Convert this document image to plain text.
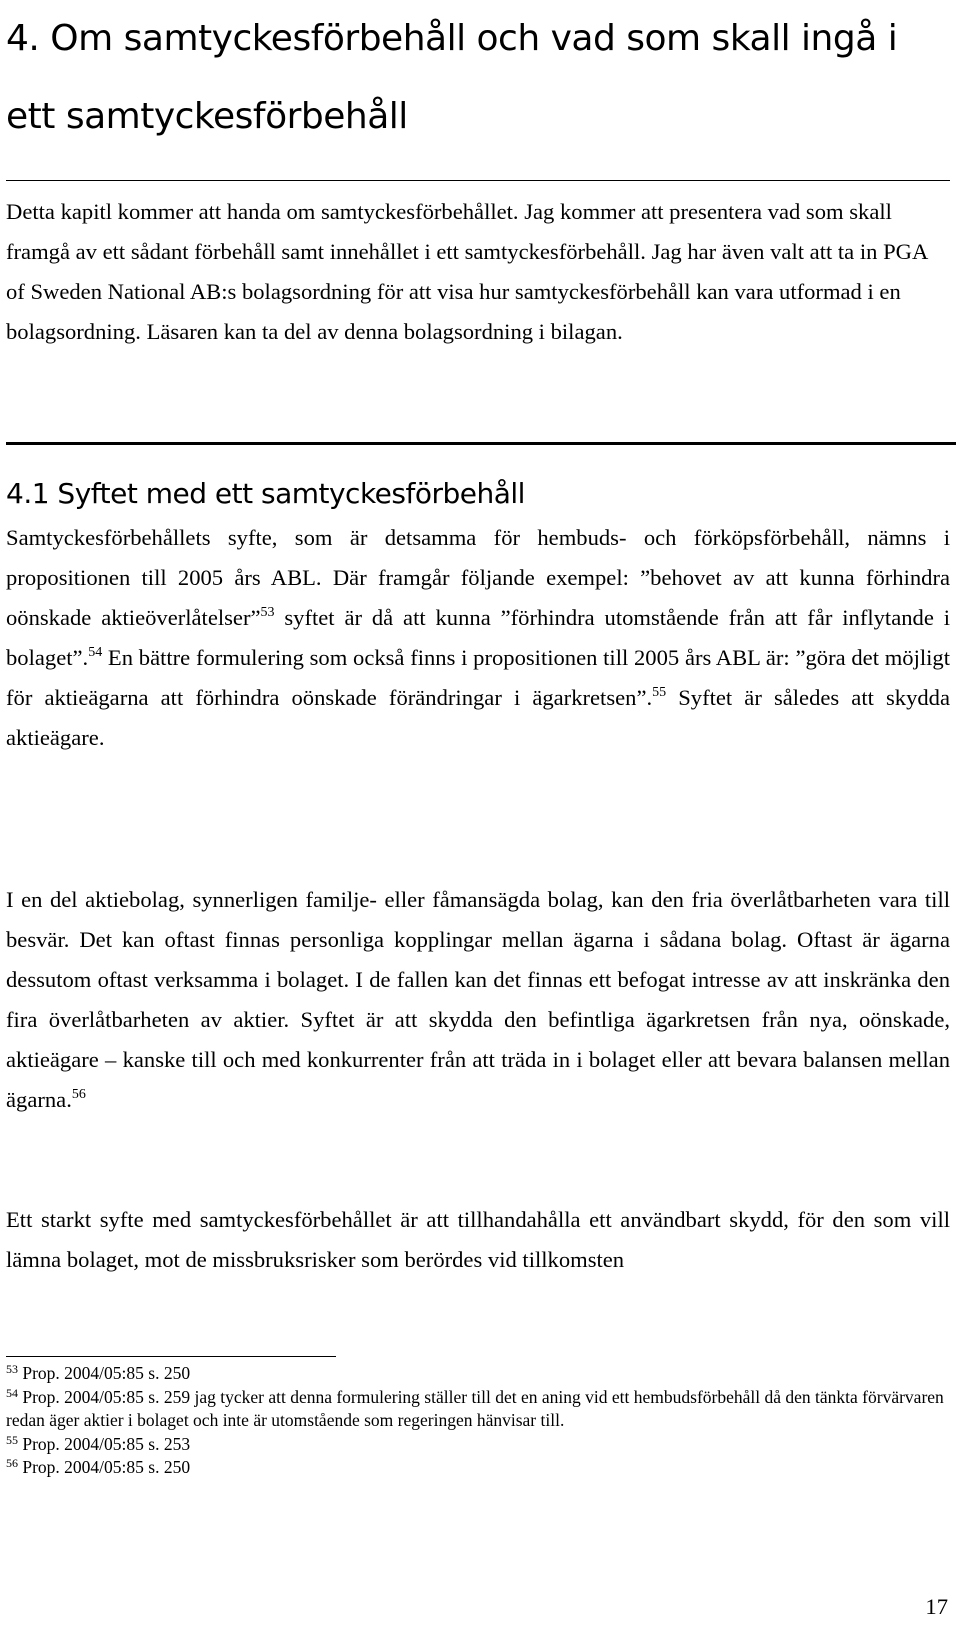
4. Om samtyckesförbehåll och vad som skall ingå i ett samtyckesförbehåll

Detta kapitl kommer att handa om samtyckesförbehållet. Jag kommer att presentera vad som skall framgå av ett sådant förbehåll samt innehållet i ett samtyckesförbehåll. Jag har även valt att ta in PGA of Sweden National AB:s bolagsordning för att visa hur samtyckesförbehåll kan vara utformad i en bolagsordning. Läsaren kan ta del av denna bolagsordning i bilagan.

4.1 Syftet med ett samtyckesförbehåll

Samtyckesförbehållets syfte, som är detsamma för hembuds- och förköpsförbehåll, nämns i propositionen till 2005 års ABL. Där framgår följande exempel: ”behovet av att kunna förhindra oönskade aktieöverlåtelser”$^{53}$ syftet är då att kunna ”förhindra utomstående från att får inflytande i bolaget”.$^{54}$ En bättre formulering som också finns i propositionen till 2005 års ABL är: ”göra det möjligt för aktieägarna att förhindra oönskade förändringar i ägarkretsen”.$^{55}$ Syftet är således att skydda aktieägare.

I en del aktiebolag, synnerligen familje- eller fåmansägda bolag, kan den fria överlåtbarheten vara till besvär. Det kan oftast finnas personliga kopplingar mellan ägarna i sådana bolag. Oftast är ägarna dessutom oftast verksamma i bolaget. I de fallen kan det finnas ett befogat intresse av att inskränka den fira överlåtbarheten av aktier. Syftet är att skydda den befintliga ägarkretsen från nya, oönskade, aktieägare – kanske till och med konkurrenter från att träda in i bolaget eller att bevara balansen mellan ägarna.$^{56}$

Ett starkt syfte med samtyckesförbehållet är att tillhandahålla ett användbart skydd, för den som vill lämna bolaget, mot de missbruksrisker som berördes vid tillkomsten

$^{53}$ Prop. 2004/05:85 s. 250

$^{54}$ Prop. 2004/05:85 s. 259 jag tycker att denna formulering ställer till det en aning vid ett hembudsförbehåll då den tänkta förvärvaren redan äger aktier i bolaget och inte är utomstående som regeringen hänvisar till.

$^{55}$ Prop. 2004/05:85 s. 253

$^{56}$ Prop. 2004/05:85 s. 250

17
